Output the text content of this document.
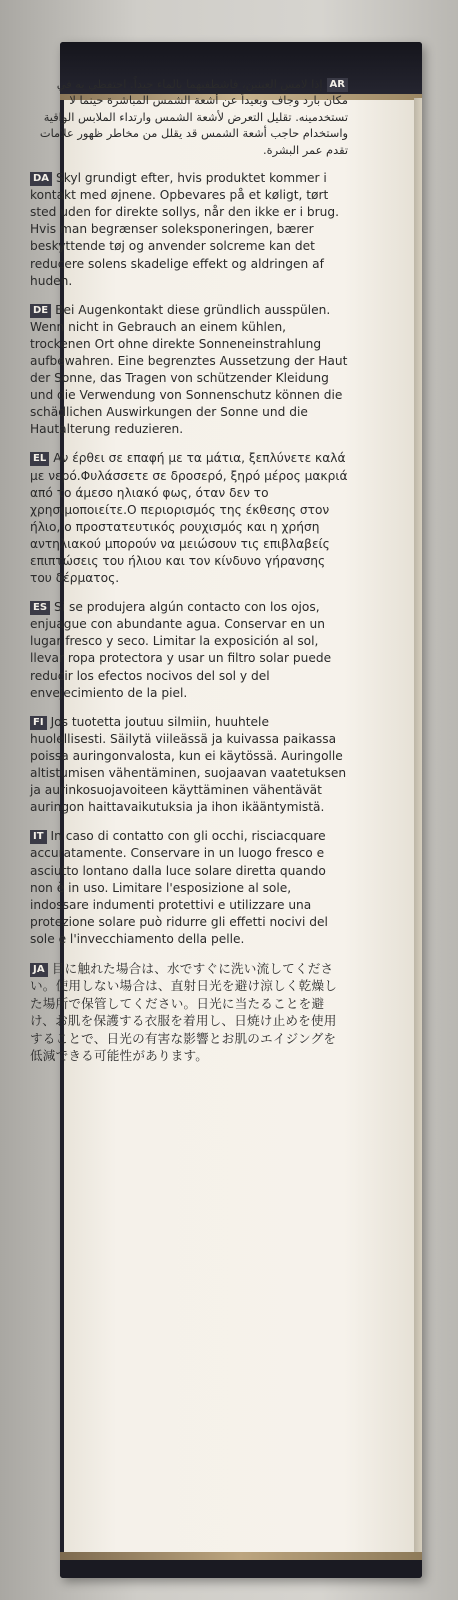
ARإذا لامس العينين، فاشطفيهما بالماء جيداً. احتفظي به في مكان بارد وجاف وبعيداً عن أشعة الشمس المباشرة حينما لا تستخدمينه. تقليل التعرض لأشعة الشمس وارتداء الملابس الواقية واستخدام حاجب أشعة الشمس قد يقلل من مخاطر ظهور علامات تقدم عمر البشرة.

DA Skyl grundigt efter, hvis produktet kommer i kontakt med øjnene. Opbevares på et køligt, tørt sted uden for direkte sollys, når den ikke er i brug. Hvis man begrænser soleksponeringen, bærer beskyttende tøj og anvender solcreme kan det reducere solens skadelige effekt og aldringen af huden.

DE Bei Augenkontakt diese gründlich ausspülen. Wenn nicht in Gebrauch an einem kühlen, trockenen Ort ohne direkte Sonneneinstrahlung aufbewahren. Eine begrenztes Aussetzung der Haut der Sonne, das Tragen von schützender Kleidung und die Verwendung von Sonnenschutz können die schädlichen Auswirkungen der Sonne und die Hautalterung reduzieren.

EL Αν έρθει σε επαφή με τα μάτια, ξεπλύνετε καλά με νερό.Φυλάσσετε σε δροσερό, ξηρό μέρος μακριά από το άμεσο ηλιακό φως, όταν δεν το χρησιμοποιείτε.Ο περιορισμός της έκθεσης στον ήλιο, ο προστατευτικός ρουχισμός και η χρήση αντηλιακού μπορούν να μειώσουν τις επιβλαβείς επιπτώσεις του ήλιου και τον κίνδυνο γήρανσης του δέρματος.

ES Si se produjera algún contacto con los ojos, enjuague con abundante agua. Conservar en un lugar fresco y seco. Limitar la exposición al sol, llevar ropa protectora y usar un filtro solar puede reducir los efectos nocivos del sol y del envejecimiento de la piel.

FI Jos tuotetta joutuu silmiin, huuhtele huolellisesti. Säilytä viileässä ja kuivassa paikassa poissa auringonvalosta, kun ei käytössä. Auringolle altistumisen vähentäminen, suojaavan vaatetuksen ja aurinkosuojavoiteen käyttäminen vähentävät auringon haittavaikutuksia ja ihon ikääntymistä.

IT In caso di contatto con gli occhi, risciacquare accuratamente. Conservare in un luogo fresco e asciutto lontano dalla luce solare diretta quando non è in uso. Limitare l'esposizione al sole, indossare indumenti protettivi e utilizzare una protezione solare può ridurre gli effetti nocivi del sole e l'invecchiamento della pelle.

JA 目に触れた場合は、水ですぐに洗い流してください。使用しない場合は、直射日光を避け涼しく乾燥した場所で保管してください。日光に当たることを避け、お肌を保護する衣服を着用し、日焼け止めを使用することで、日光の有害な影響とお肌のエイジングを低減できる可能性があります。
